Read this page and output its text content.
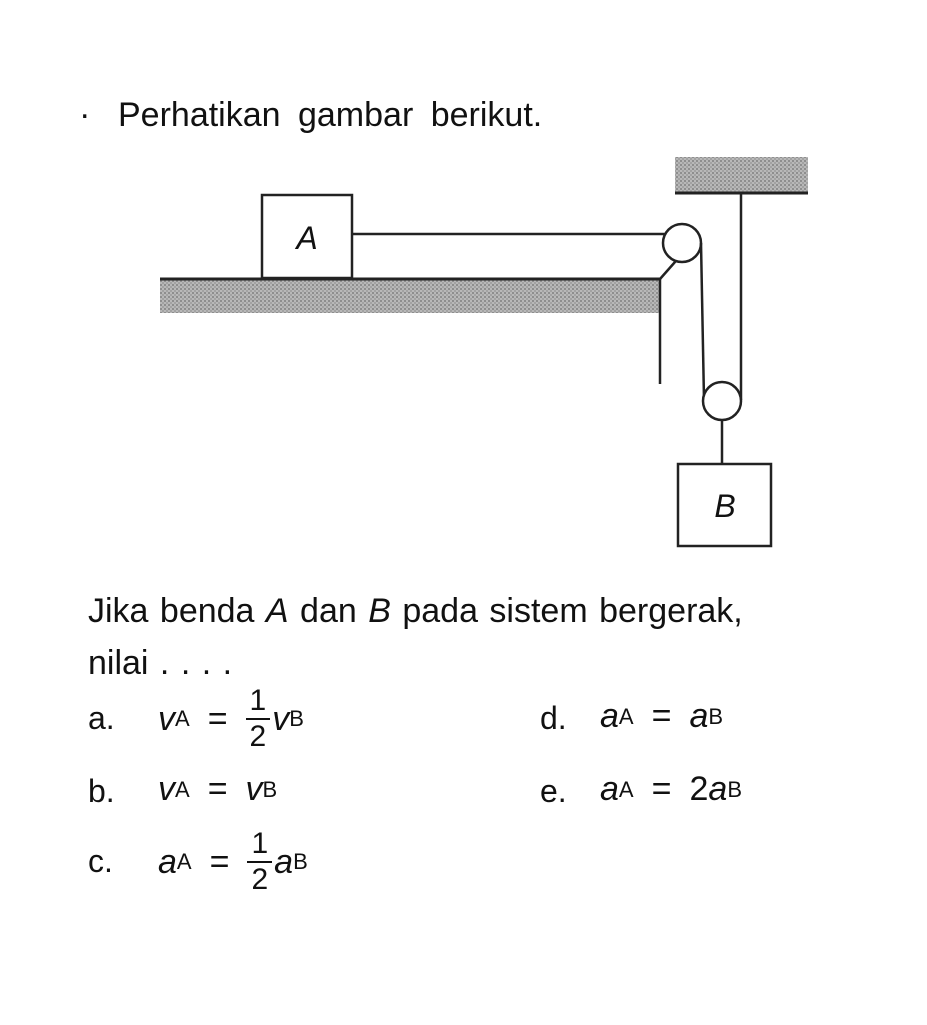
. Perhatikan gambar berikut.
A
B
Jika benda A dan B pada sistem bergerak,
nilai . . . .
a. v $A = \frac{1}{2}$ v B
b. v A = v B
c. a $A = \frac{1}{2}$ a B
d. a A = a B
e. a A = 2 a B
